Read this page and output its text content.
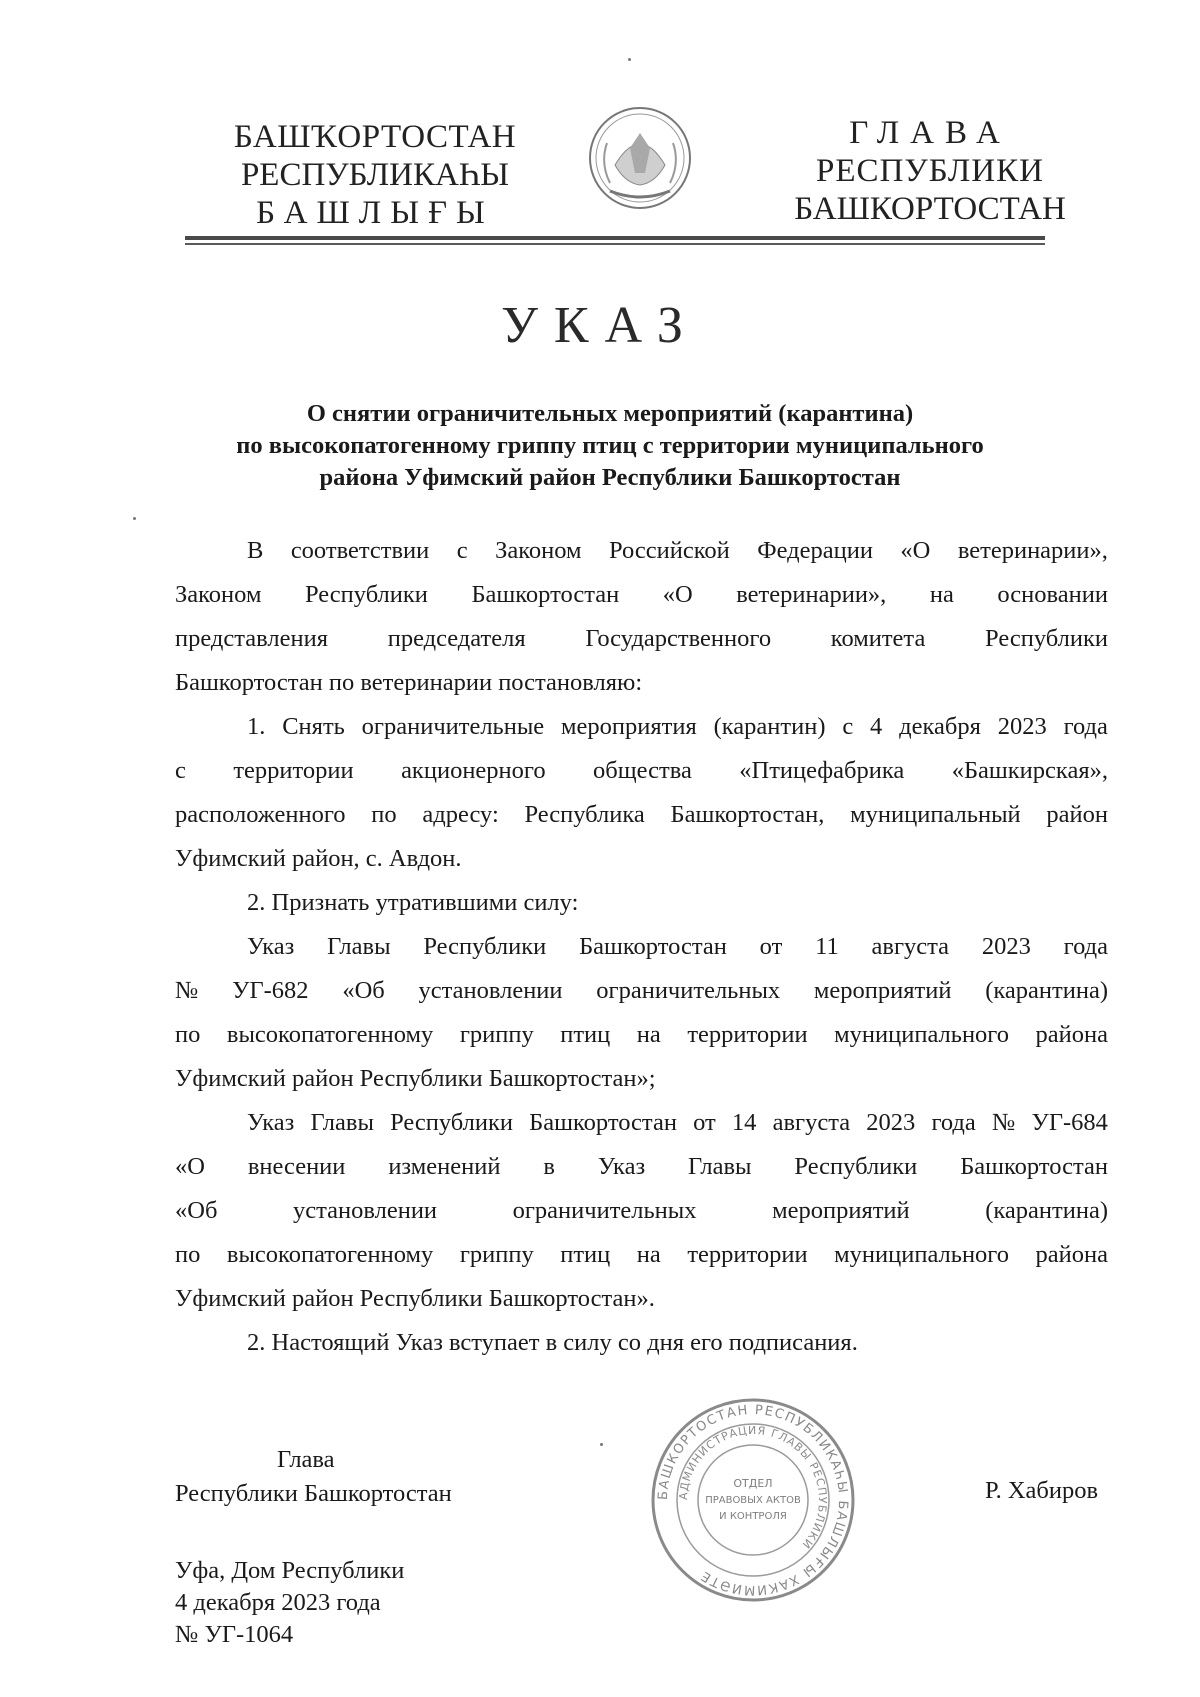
БАШҠОРТОСТАН
РЕСПУБЛИКАҺЫ
БАШЛЫҒЫ
ГЛАВА
РЕСПУБЛИКИ
БАШКОРТОСТАН
УКАЗ
О снятии ограничительных мероприятий (карантина)
по высокопатогенному гриппу птиц с территории муниципального
района Уфимский район Республики Башкортостан
В соответствии с Законом Российской Федерации «О ветеринарии»,
Законом Республики Башкортостан «О ветеринарии», на основании
представления председателя Государственного комитета Республики
Башкортостан по ветеринарии постановляю:
1. Снять ограничительные мероприятия (карантин) с 4 декабря 2023 года
с территории акционерного общества «Птицефабрика «Башкирская»,
расположенного по адресу: Республика Башкортостан, муниципальный район
Уфимский район, с. Авдон.
2. Признать утратившими силу:
Указ Главы Республики Башкортостан от 11 августа 2023 года
№ УГ-682 «Об установлении ограничительных мероприятий (карантина)
по высокопатогенному гриппу птиц на территории муниципального района
Уфимский район Республики Башкортостан»;
Указ Главы Республики Башкортостан от 14 августа 2023 года № УГ-684
«О внесении изменений в Указ Главы Республики Башкортостан
«Об	установлении	ограничительных	мероприятий	(карантина)
по высокопатогенному гриппу птиц на территории муниципального района
Уфимский район Республики Башкортостан».
2. Настоящий Указ вступает в силу со дня его подписания.
Глава
Республики Башкортостан	БАШКОРТОСТАН РЕСПУБЛИКАҺЫ БАШЛЫҒЫ ХАКИМИӘТЕ
АДМИНИСТРАЦИЯ ГЛАВЫ РЕСПУБЛИКИ
ОТДЕЛ
ПРАВОВЫХ АКТОВ
И КОНТРОЛЯ
Р. Хабиров
Уфа, Дом Республики
4 декабря 2023 года
№ УГ-1064
